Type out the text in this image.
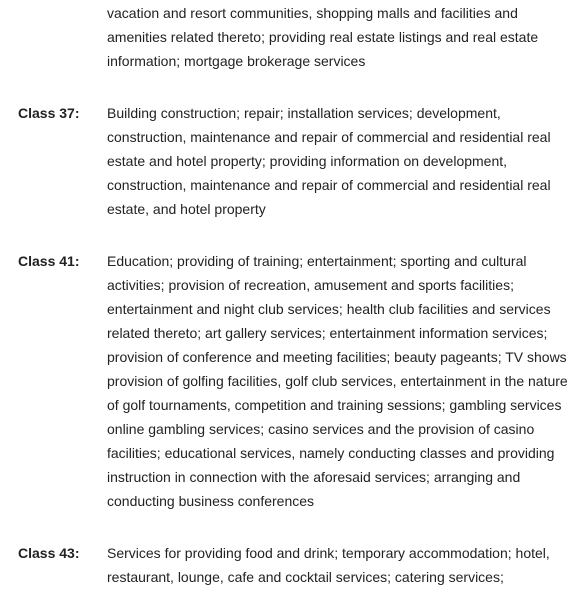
vacation and resort communities, shopping malls and facilities and
amenities related thereto; providing real estate listings and real estate
information; mortgage brokerage services
Class 37: Building construction; repair; installation services; development,
construction, maintenance and repair of commercial and residential real
estate and hotel property; providing information on development,
construction, maintenance and repair of commercial and residential real
estate, and hotel property
Class 41: Education; providing of training; entertainment; sporting and cultural
activities; provision of recreation, amusement and sports facilities;
entertainment and night club services; health club facilities and services
related thereto; art gallery services; entertainment information services;
provision of conference and meeting facilities; beauty pageants; TV shows
provision of golfing facilities, golf club services, entertainment in the nature
of golf tournaments, competition and training sessions; gambling services
online gambling services; casino services and the provision of casino
facilities; educational services, namely conducting classes and providing
instruction in connection with the aforesaid services; arranging and
conducting business conferences
Class 43: Services for providing food and drink; temporary accommodation; hotel,
restaurant, lounge, cafe and cocktail services; catering services;
